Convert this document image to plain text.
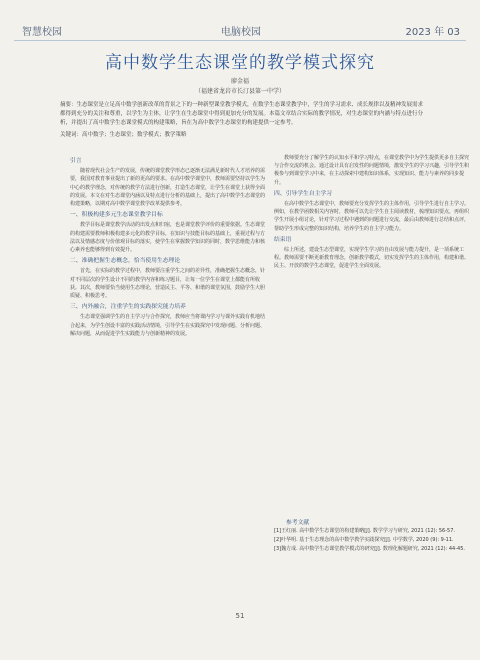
智慧校园	电脑校园	2023 年 03
高中数学生态课堂的教学模式探究
廖金福
（福建省龙岩市长汀县第一中学）
摘要：生态课堂是立足高中数学创新改革的背景之下的一种新型课堂教学模式，在数学生态课堂教学中，学生的学习需求、成长规律以及精神发展需求都得到充分的关注和尊重，以学生为主体，让学生在生态课堂中得到更加充分的发展。本篇文章结合实际的教学情况，对生态课堂的内涵与特点进行分析，并提出了高中数学生态课堂模式的构建策略，旨在为高中数学生态课堂的构建提供一定参考。
关键词：高中数学；生态课堂；数学模式；教学策略
引言

随着现代社会生产的发展，传统的课堂教学形态已逐渐无法满足新时代人才培养的需要，我国对教育事业提出了新的更高的要求。在高中数学课堂中，教师需要坚持以学生为中心的教学理念，对传统的教学方法进行创新，打造生态课堂，让学生在课堂上获得全面的发展。本文在对生态课堂内涵以及特点进行分析的基础上，提出了高中数学生态课堂的构建策略，以期对高中数学课堂教学改革提供参考。

一、积极构建多元生态课堂教学目标

教学目标是课堂教学活动的出发点和归宿，也是课堂教学评价的重要依据。生态课堂的构建需要教师积极构建多元化的教学目标，在知识与技能目标的基础上，重视过程与方法以及情感态度与价值观目标的落实，使学生在掌握数学知识的同时，数学思维能力和核心素养也能够得到有效提升。

二、准确把握生态概念，恰当使用生态理论

首先，在实际的教学过程中，教师要注重学生之间的差异性，准确把握生态概念，针对不同层次的学生设计不同的教学内容和练习题目，让每一位学生在课堂上都能有所收获。其次，教师要恰当使用生态理论，营造民主、平等、和谐的课堂氛围，鼓励学生大胆质疑、积极思考。

三、内外融合，注重学生的实践探究能力培养

生态课堂强调学生的自主学习与合作探究，教师应当将课内学习与课外实践有机地结合起来，为学生创设丰富的实践活动情境，引导学生在实践探究中发现问题、分析问题、解决问题，从而促进学生实践能力与创新精神的发展。

教师要充分了解学生的认知水平和学习特点，在课堂教学中为学生提供更多自主探究与合作交流的机会。通过设计具有启发性的问题情境，激发学生的学习兴趣，引导学生积极参与到课堂学习中来，在主动探索中建构知识体系，实现知识、能力与素养的同步提升。

四、引导学生自主学习

在高中数学生态课堂中，教师要充分发挥学生的主体作用，引导学生进行自主学习。例如，在教学函数相关内容时，教师可以先让学生自主阅读教材，梳理知识要点，再组织学生开展小组讨论，针对学习过程中遇到的问题进行交流，最后由教师进行总结和点评，帮助学生形成完整的知识结构，培养学生的自主学习能力。

结束语

综上所述，建设生态型课堂，实现学生学习的自由发展与能力提升，是一项系统工程。教师需要不断更新教育理念，创新教学模式，切实发挥学生的主体作用，构建和谐、民主、开放的数学生态课堂，促进学生全面发展。

参考文献
[1]王红丽. 高中数学生态课堂的构建策略[J]. 数学学习与研究, 2021 (12): 56-57.
[2]叶华明. 基于生态理念的高中数学教学实践探究[J]. 中学数学, 2020 (9): 9-11.
[3]魏方成. 高中数学生态课堂教学模式的研究[J]. 数理化解题研究, 2021 (12): 44-45.
51
